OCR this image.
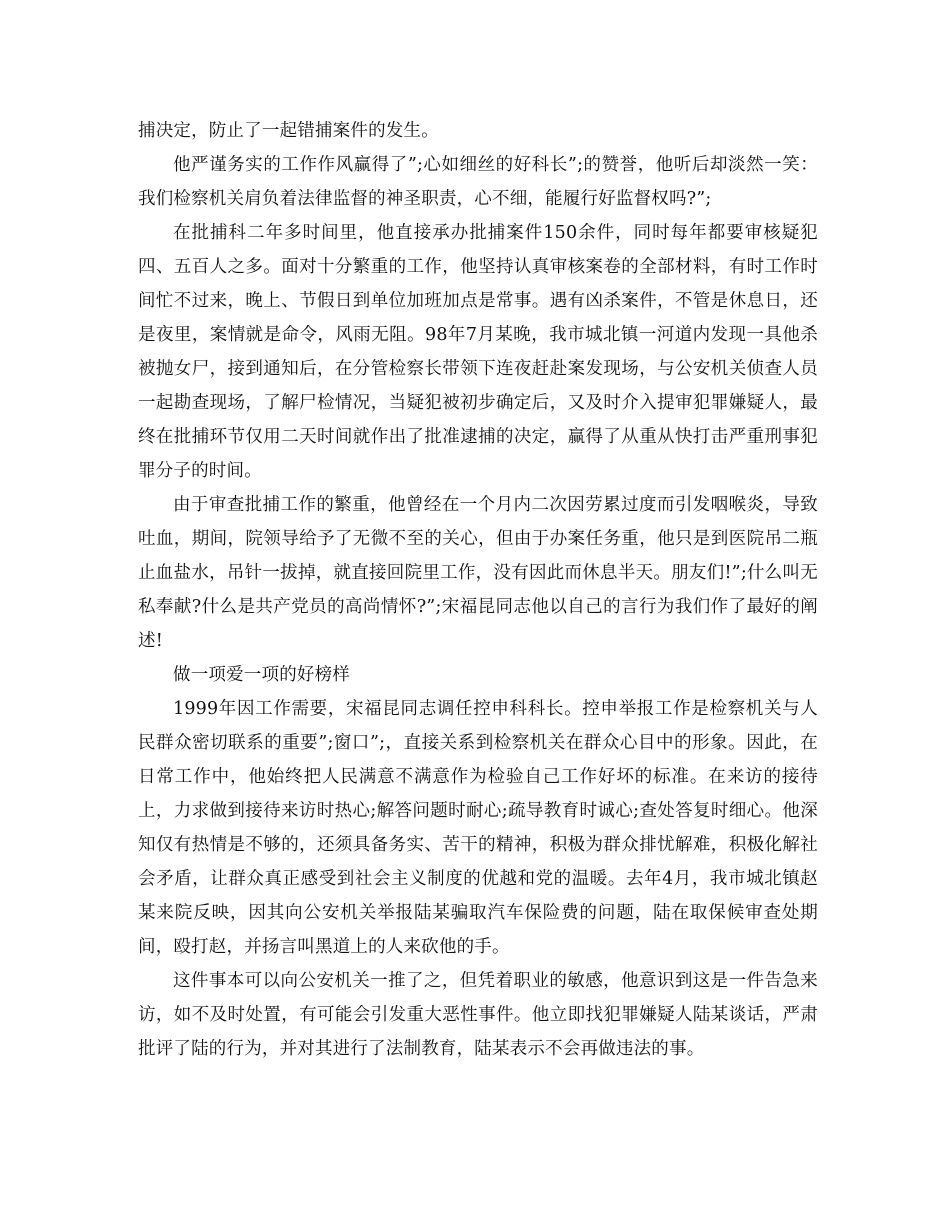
捕决定，防止了一起错捕案件的发生。

他严谨务实的工作作风赢得了”;心如细丝的好科长”;的赞誉，他听后却淡然一笑：我们检察机关肩负着法律监督的神圣职责，心不细，能履行好监督权吗?”;

在批捕科二年多时间里，他直接承办批捕案件150余件，同时每年都要审核疑犯四、五百人之多。面对十分繁重的工作，他坚持认真审核案卷的全部材料，有时工作时间忙不过来，晚上、节假日到单位加班加点是常事。遇有凶杀案件，不管是休息日，还是夜里，案情就是命令，风雨无阻。98年7月某晚，我市城北镇一河道内发现一具他杀被抛女尸，接到通知后，在分管检察长带领下连夜赶赴案发现场，与公安机关侦查人员一起勘查现场，了解尸检情况，当疑犯被初步确定后，又及时介入提审犯罪嫌疑人，最终在批捕环节仅用二天时间就作出了批准逮捕的决定，赢得了从重从快打击严重刑事犯罪分子的时间。

由于审查批捕工作的繁重，他曾经在一个月内二次因劳累过度而引发咽喉炎，导致吐血，期间，院领导给予了无微不至的关心，但由于办案任务重，他只是到医院吊二瓶止血盐水，吊针一拔掉，就直接回院里工作，没有因此而休息半天。朋友们!”;什么叫无私奉献?什么是共产党员的高尚情怀?”;宋福昆同志他以自己的言行为我们作了最好的阐述!

做一项爱一项的好榜样

1999年因工作需要，宋福昆同志调任控申科科长。控申举报工作是检察机关与人民群众密切联系的重要”;窗口”;，直接关系到检察机关在群众心目中的形象。因此，在日常工作中，他始终把人民满意不满意作为检验自己工作好坏的标准。在来访的接待上，力求做到接待来访时热心;解答问题时耐心;疏导教育时诚心;查处答复时细心。他深知仅有热情是不够的，还须具备务实、苦干的精神，积极为群众排忧解难，积极化解社会矛盾，让群众真正感受到社会主义制度的优越和党的温暖。去年4月，我市城北镇赵某来院反映，因其向公安机关举报陆某骗取汽车保险费的问题，陆在取保候审查处期间，殴打赵，并扬言叫黑道上的人来砍他的手。

这件事本可以向公安机关一推了之，但凭着职业的敏感，他意识到这是一件告急来访，如不及时处置，有可能会引发重大恶性事件。他立即找犯罪嫌疑人陆某谈话，严肃批评了陆的行为，并对其进行了法制教育，陆某表示不会再做违法的事。
